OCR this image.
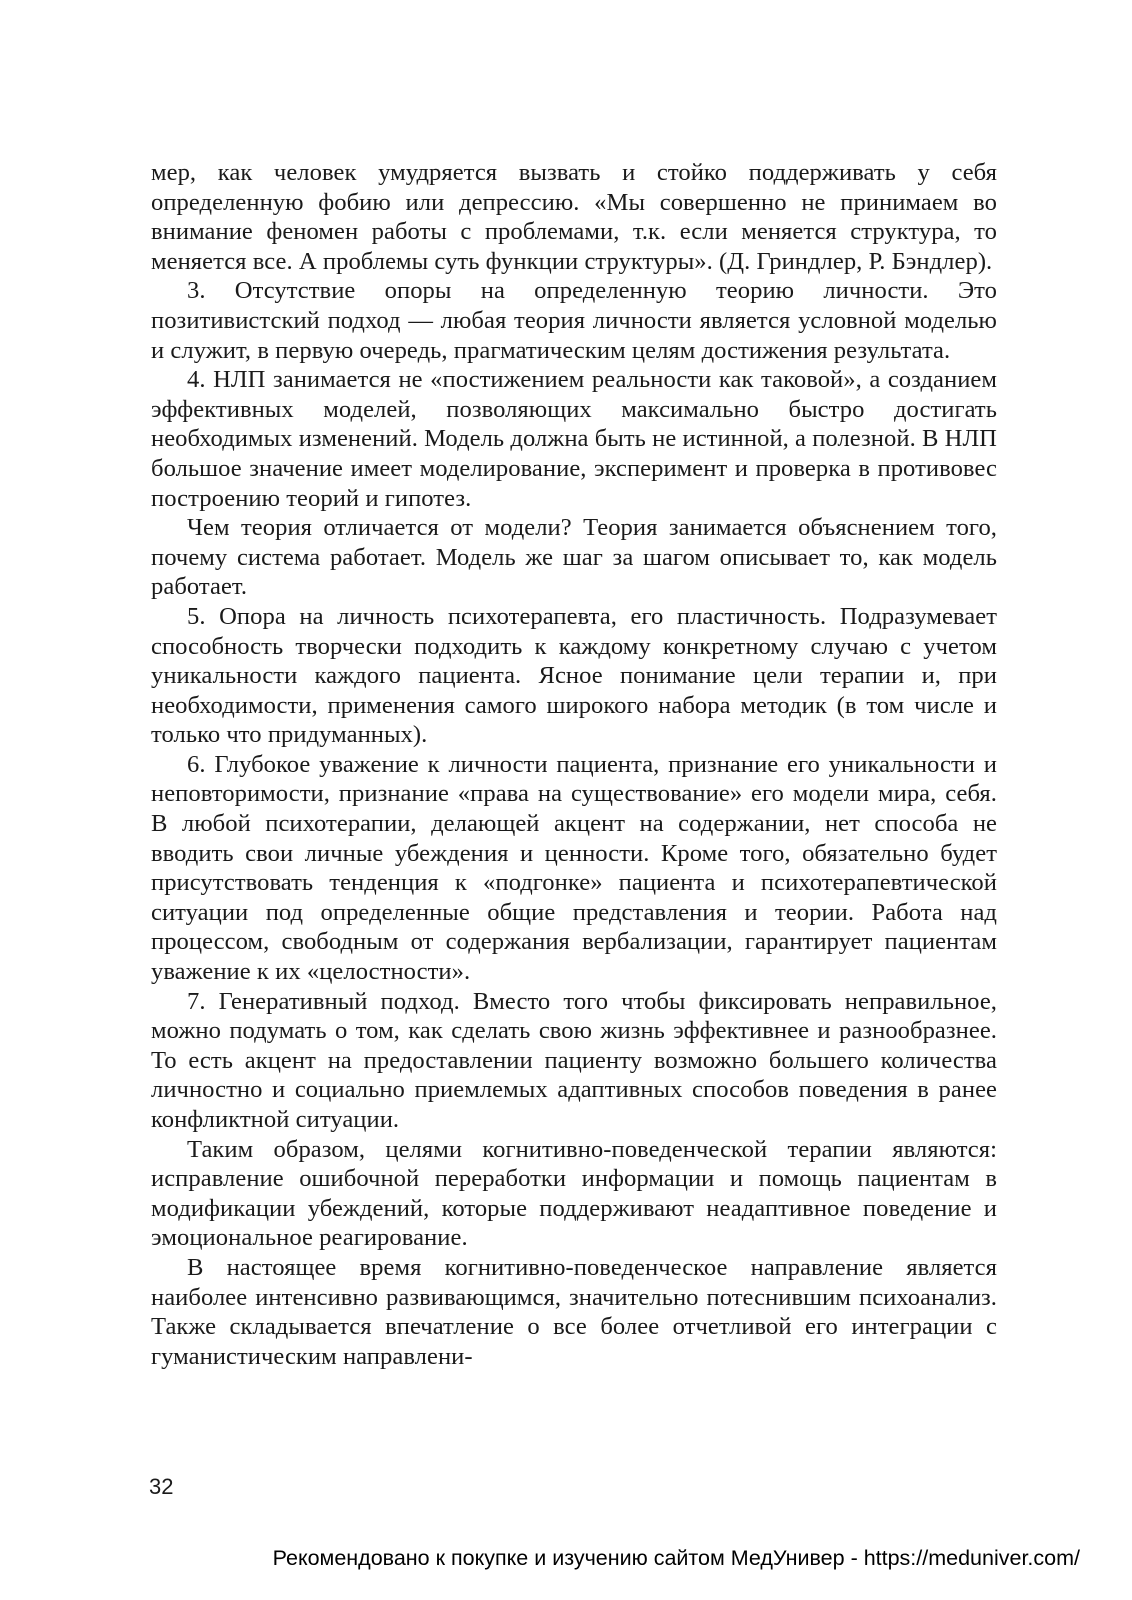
мер, как человек умудряется вызвать и стойко поддерживать у себя определенную фобию или депрессию. «Мы совершенно не принимаем во внимание феномен работы с проблемами, т.к. если меняется структура, то меняется все. А проблемы суть функции структуры». (Д. Гриндлер, Р. Бэндлер).

3. Отсутствие опоры на определенную теорию личности. Это позитивистский подход — любая теория личности является условной моделью и служит, в первую очередь, прагматическим целям достижения результата.

4. НЛП занимается не «постижением реальности как таковой», а созданием эффективных моделей, позволяющих максимально быстро достигать необходимых изменений. Модель должна быть не истинной, а полезной. В НЛП большое значение имеет моделирование, эксперимент и проверка в противовес построению теорий и гипотез.

Чем теория отличается от модели? Теория занимается объяснением того, почему система работает. Модель же шаг за шагом описывает то, как модель работает.

5. Опора на личность психотерапевта, его пластичность. Подразумевает способность творчески подходить к каждому конкретному случаю с учетом уникальности каждого пациента. Ясное понимание цели терапии и, при необходимости, применения самого широкого набора методик (в том числе и только что придуманных).

6. Глубокое уважение к личности пациента, признание его уникальности и неповторимости, признание «права на существование» его модели мира, себя. В любой психотерапии, делающей акцент на содержании, нет способа не вводить свои личные убеждения и ценности. Кроме того, обязательно будет присутствовать тенденция к «подгонке» пациента и психотерапевтической ситуации под определенные общие представления и теории. Работа над процессом, свободным от содержания вербализации, гарантирует пациентам уважение к их «целостности».

7. Генеративный подход. Вместо того чтобы фиксировать неправильное, можно подумать о том, как сделать свою жизнь эффективнее и разнообразнее. То есть акцент на предоставлении пациенту возможно большего количества личностно и социально приемлемых адаптивных способов поведения в ранее конфликтной ситуации.

Таким образом, целями когнитивно-поведенческой терапии являются: исправление ошибочной переработки информации и помощь пациентам в модификации убеждений, которые поддерживают неадаптивное поведение и эмоциональное реагирование.

В настоящее время когнитивно-поведенческое направление является наиболее интенсивно развивающимся, значительно потеснившим психоанализ. Также складывается впечатление о все более отчетливой его интеграции с гуманистическим направлени-

32
Рекомендовано к покупке и изучению сайтом МедУнивер - https://meduniver.com/
